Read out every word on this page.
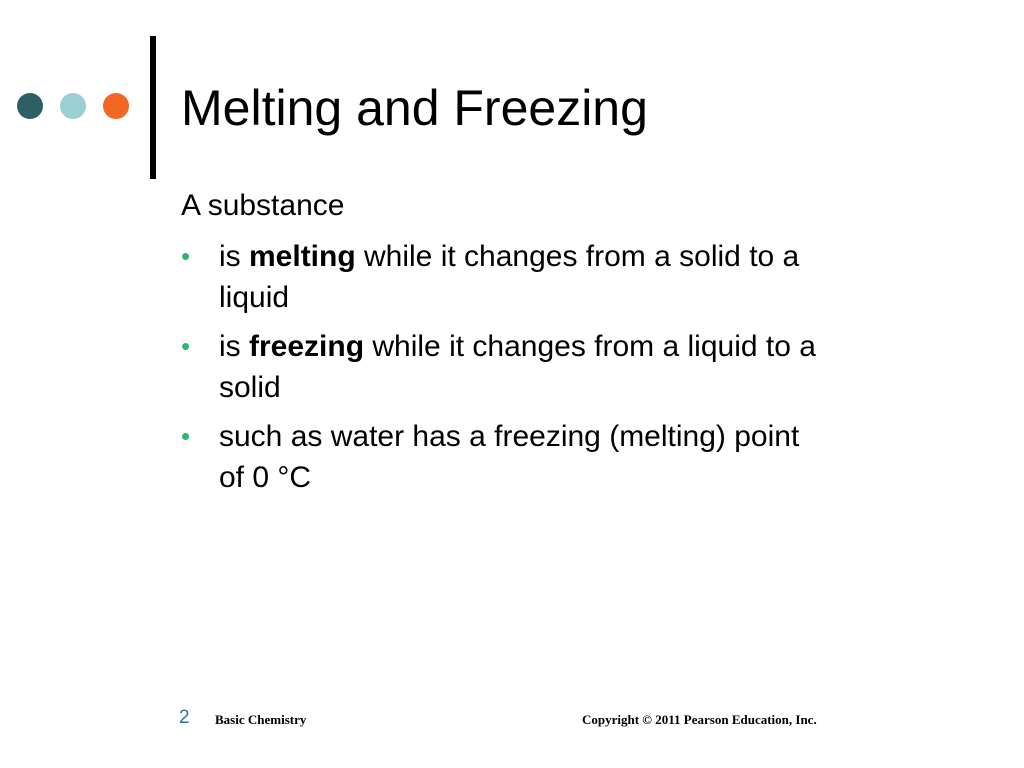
Melting and Freezing

A substance

• is melting while it changes from a solid to a liquid
• is freezing while it changes from a liquid to a solid
• such as water has a freezing (melting) point of 0 °C
2 Basic Chemistry	Copyright © 2011 Pearson Education, Inc.
